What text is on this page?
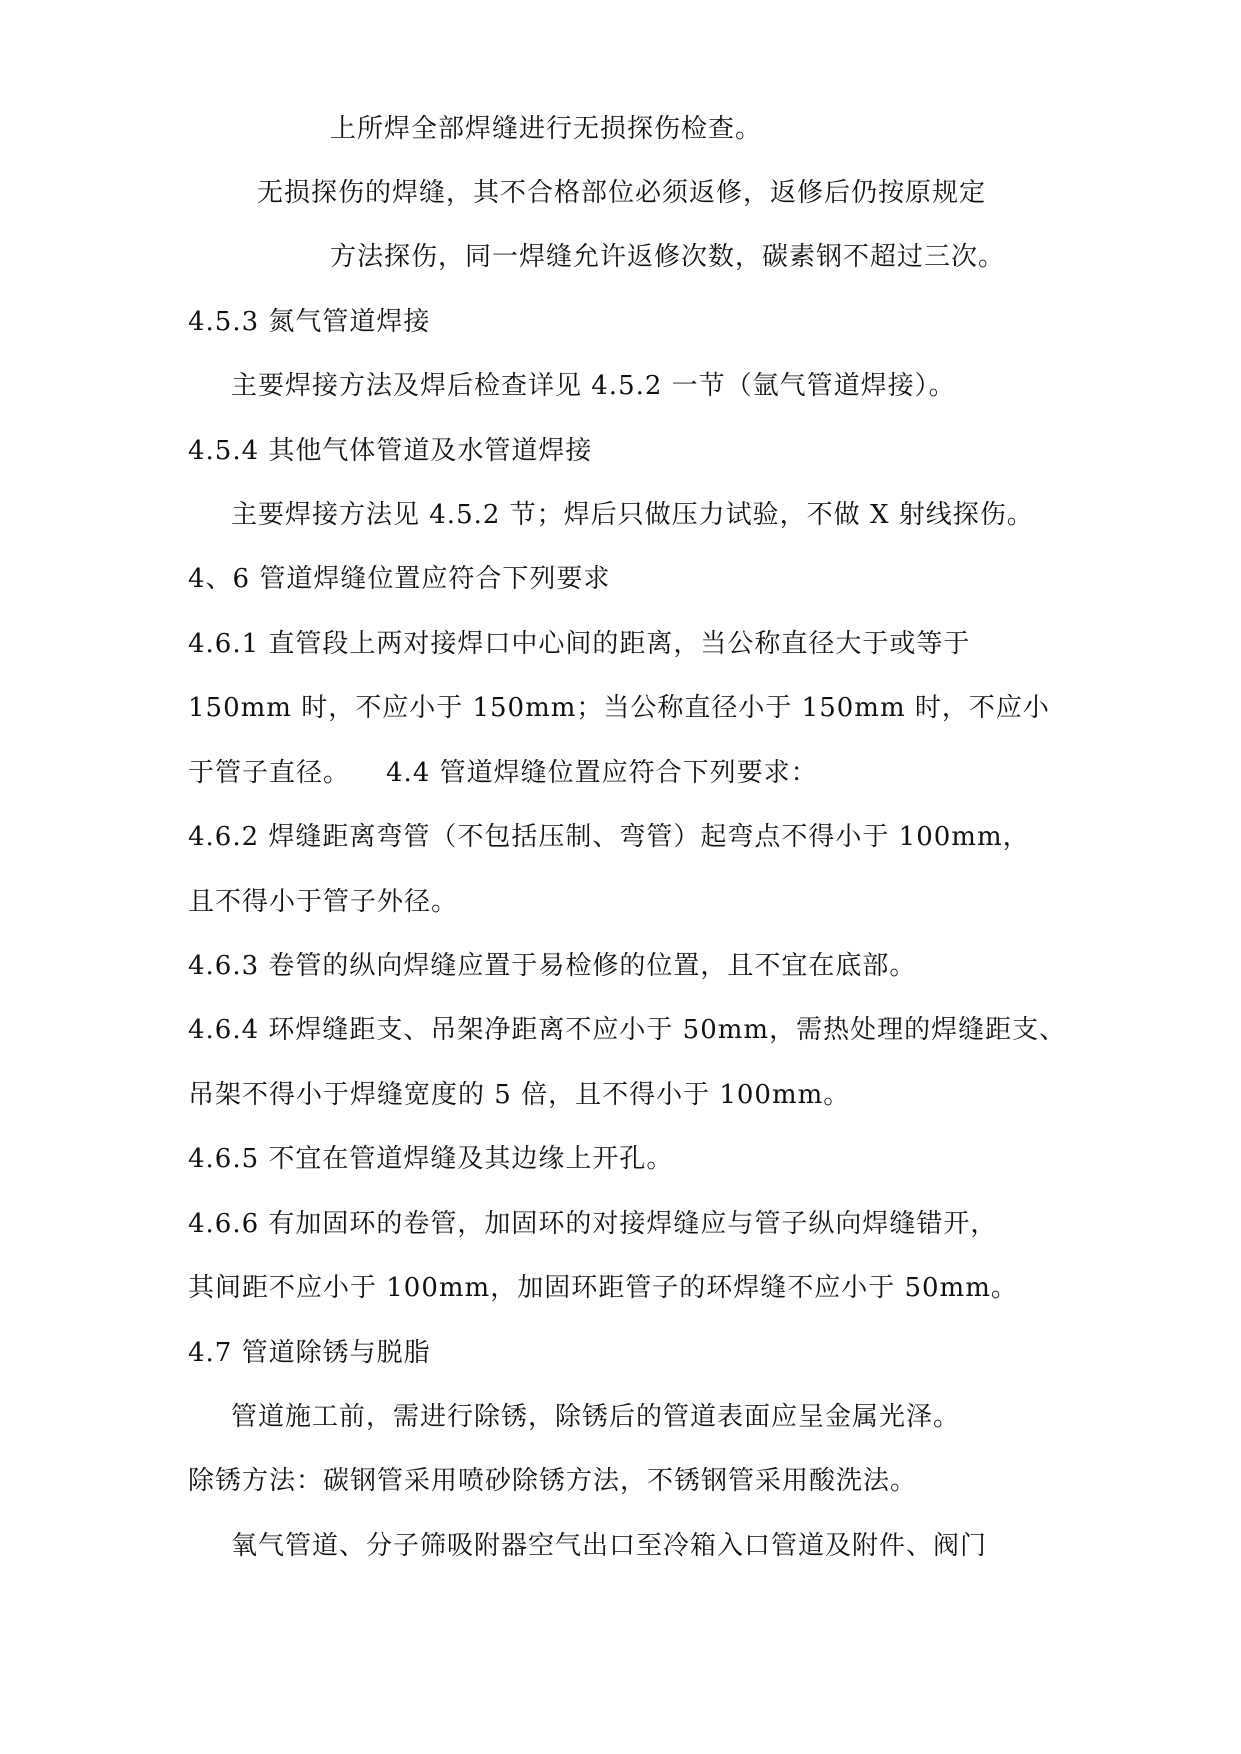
上所焊全部焊缝进行无损探伤检查。
无损探伤的焊缝，其不合格部位必须返修，返修后仍按原规定
方法探伤，同一焊缝允许返修次数，碳素钢不超过三次。
4.5.3 氮气管道焊接
主要焊接方法及焊后检查详见 4.5.2 一节（氩气管道焊接）。
4.5.4 其他气体管道及水管道焊接
主要焊接方法见 4.5.2 节；焊后只做压力试验，不做 X 射线探伤。
4、6 管道焊缝位置应符合下列要求
4.6.1 直管段上两对接焊口中心间的距离，当公称直径大于或等于
150mm 时，不应小于 150mm；当公称直径小于 150mm 时，不应小
于管子直径。 4.4 管道焊缝位置应符合下列要求：
4.6.2 焊缝距离弯管（不包括压制、弯管）起弯点不得小于 100mm，
且不得小于管子外径。
4.6.3 卷管的纵向焊缝应置于易检修的位置，且不宜在底部。
4.6.4 环焊缝距支、吊架净距离不应小于 50mm，需热处理的焊缝距支、
吊架不得小于焊缝宽度的 5 倍，且不得小于 100mm。
4.6.5 不宜在管道焊缝及其边缘上开孔。
4.6.6 有加固环的卷管，加固环的对接焊缝应与管子纵向焊缝错开，
其间距不应小于 100mm，加固环距管子的环焊缝不应小于 50mm。
4.7 管道除锈与脱脂
管道施工前，需进行除锈，除锈后的管道表面应呈金属光泽。
除锈方法：碳钢管采用喷砂除锈方法，不锈钢管采用酸洗法。
氧气管道、分子筛吸附器空气出口至冷箱入口管道及附件、阀门
